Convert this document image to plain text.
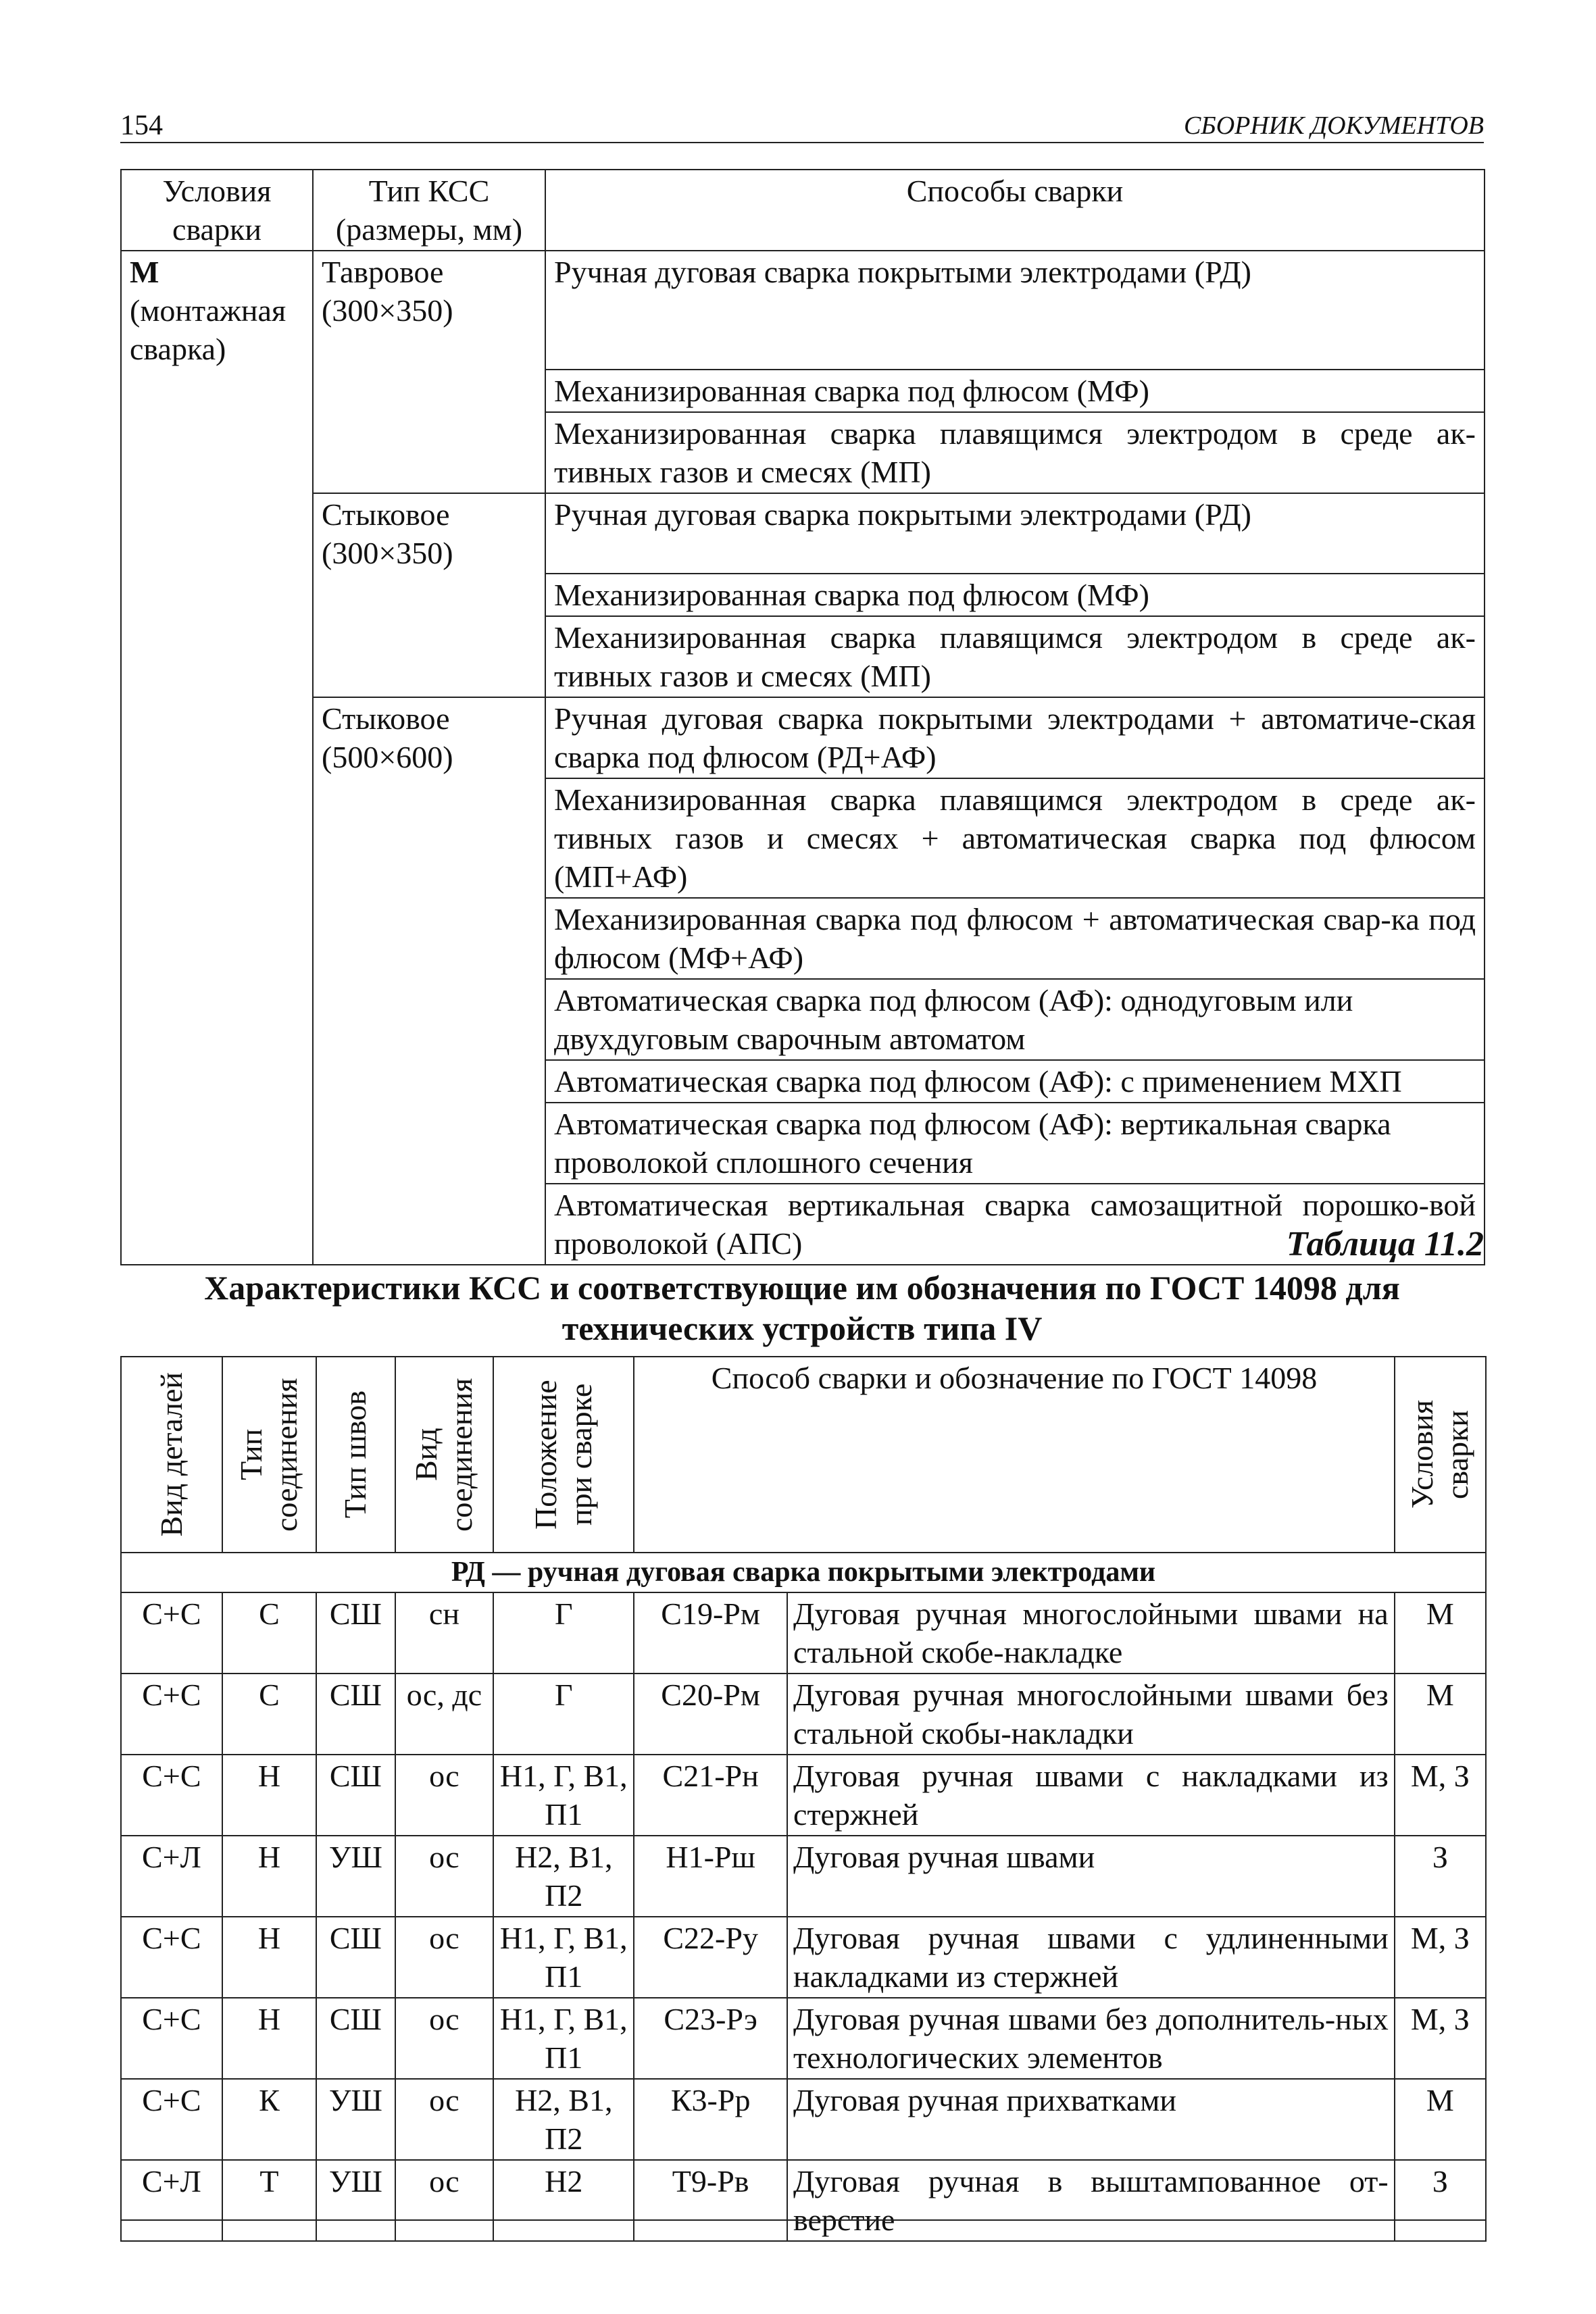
154	СБОРНИК ДОКУМЕНТОВ
Условия сварки	Тип КСС (размеры, мм)	Способы сварки

М
(монтажная сварка)	Тавровое (300×350)	Ручная дуговая сварка покрытыми электродами (РД)
		Механизированная сварка под флюсом (МФ)
		Механизированная сварка плавящимся электродом в среде ак-тивных газов и смесях (МП)
	Стыковое (300×350)	Ручная дуговая сварка покрытыми электродами (РД)
		Механизированная сварка под флюсом (МФ)
		Механизированная сварка плавящимся электродом в среде ак-тивных газов и смесях (МП)
	Стыковое (500×600)	Ручная дуговая сварка покрытыми электродами + автоматиче-ская сварка под флюсом (РД+АФ)
		Механизированная сварка плавящимся электродом в среде ак-тивных газов и смесях + автоматическая сварка под флюсом (МП+АФ)
		Механизированная сварка под флюсом + автоматическая свар-ка под флюсом (МФ+АФ)
		Автоматическая сварка под флюсом (АФ): однодуговым или двухдуговым сварочным автоматом
		Автоматическая сварка под флюсом (АФ): с применением МХП
		Автоматическая сварка под флюсом (АФ): вертикальная сварка проволокой сплошного сечения
		Автоматическая вертикальная сварка самозащитной порошко-вой проволокой (АПС)	Таблица 11.2
Характеристики КСС и соответствующие им обозначения по ГОСТ 14098 для технических устройств типа IV
Вид деталей	Тип соединения	Тип швов	Вид соединения	Положение при сварке	Способ сварки и обозначение по ГОСТ 14098		Условия сварки

РД — ручная дуговая сварка покрытыми электродами							
С+С	С	СШ	сн	Г	С19-Рм	Дуговая ручная многослойными швами на стальной скобе-накладке	М
С+С	С	СШ	ос, дс	Г	С20-Рм	Дуговая ручная многослойными швами без стальной скобы-накладки	М
С+С	Н	СШ	ос	Н1, Г, В1, П1	С21-Рн	Дуговая ручная швами с накладками из стержней	М, З
С+Л	Н	УШ	ос	Н2, В1, П2	Н1-Рш	Дуговая ручная швами	З
С+С	Н	СШ	ос	Н1, Г, В1, П1	С22-Ру	Дуговая ручная швами с удлиненными накладками из стержней	М, З
С+С	Н	СШ	ос	Н1, Г, В1, П1	С23-Рэ	Дуговая ручная швами без дополнитель-ных технологических элементов	М, З
С+С	К	УШ	ос	Н2, В1, П2	К3-Рр	Дуговая ручная прихватками	М
С+Л	Т	УШ	ос	Н2	Т9-Рв	Дуговая ручная в выштампованное от-верстие	З
